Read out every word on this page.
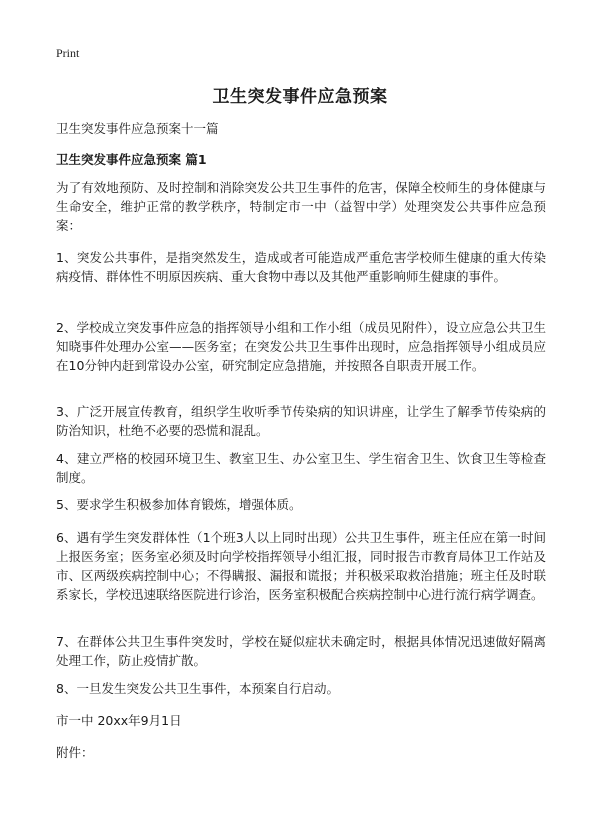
Print
卫生突发事件应急预案
卫生突发事件应急预案十一篇
卫生突发事件应急预案 篇1
为了有效地预防、及时控制和消除突发公共卫生事件的危害，保障全校师生的身体健康与生命安全，维护正常的教学秩序，特制定市一中（益智中学）处理突发公共事件应急预案：
1、突发公共事件，是指突然发生，造成或者可能造成严重危害学校师生健康的重大传染病疫情、群体性不明原因疾病、重大食物中毒以及其他严重影响师生健康的事件。
2、学校成立突发事件应急的指挥领导小组和工作小组（成员见附件），设立应急公共卫生知晓事件处理办公室——医务室；在突发公共卫生事件出现时，应急指挥领导小组成员应在10分钟内赶到常设办公室，研究制定应急措施，并按照各自职责开展工作。
3、广泛开展宣传教育，组织学生收听季节传染病的知识讲座，让学生了解季节传染病的防治知识，杜绝不必要的恐慌和混乱。
4、建立严格的校园环境卫生、教室卫生、办公室卫生、学生宿舍卫生、饮食卫生等检查制度。
5、要求学生积极参加体育锻炼，增强体质。
6、遇有学生突发群体性（1个班3人以上同时出现）公共卫生事件，班主任应在第一时间上报医务室；医务室必须及时向学校指挥领导小组汇报，同时报告市教育局体卫工作站及市、区两级疾病控制中心；不得瞒报、漏报和谎报；并积极采取救治措施；班主任及时联系家长，学校迅速联络医院进行诊治，医务室积极配合疾病控制中心进行流行病学调查。
7、在群体公共卫生事件突发时，学校在疑似症状未确定时，根据具体情况迅速做好隔离处理工作，防止疫情扩散。
8、一旦发生突发公共卫生事件，本预案自行启动。
市一中 20xx年9月1日
附件：
